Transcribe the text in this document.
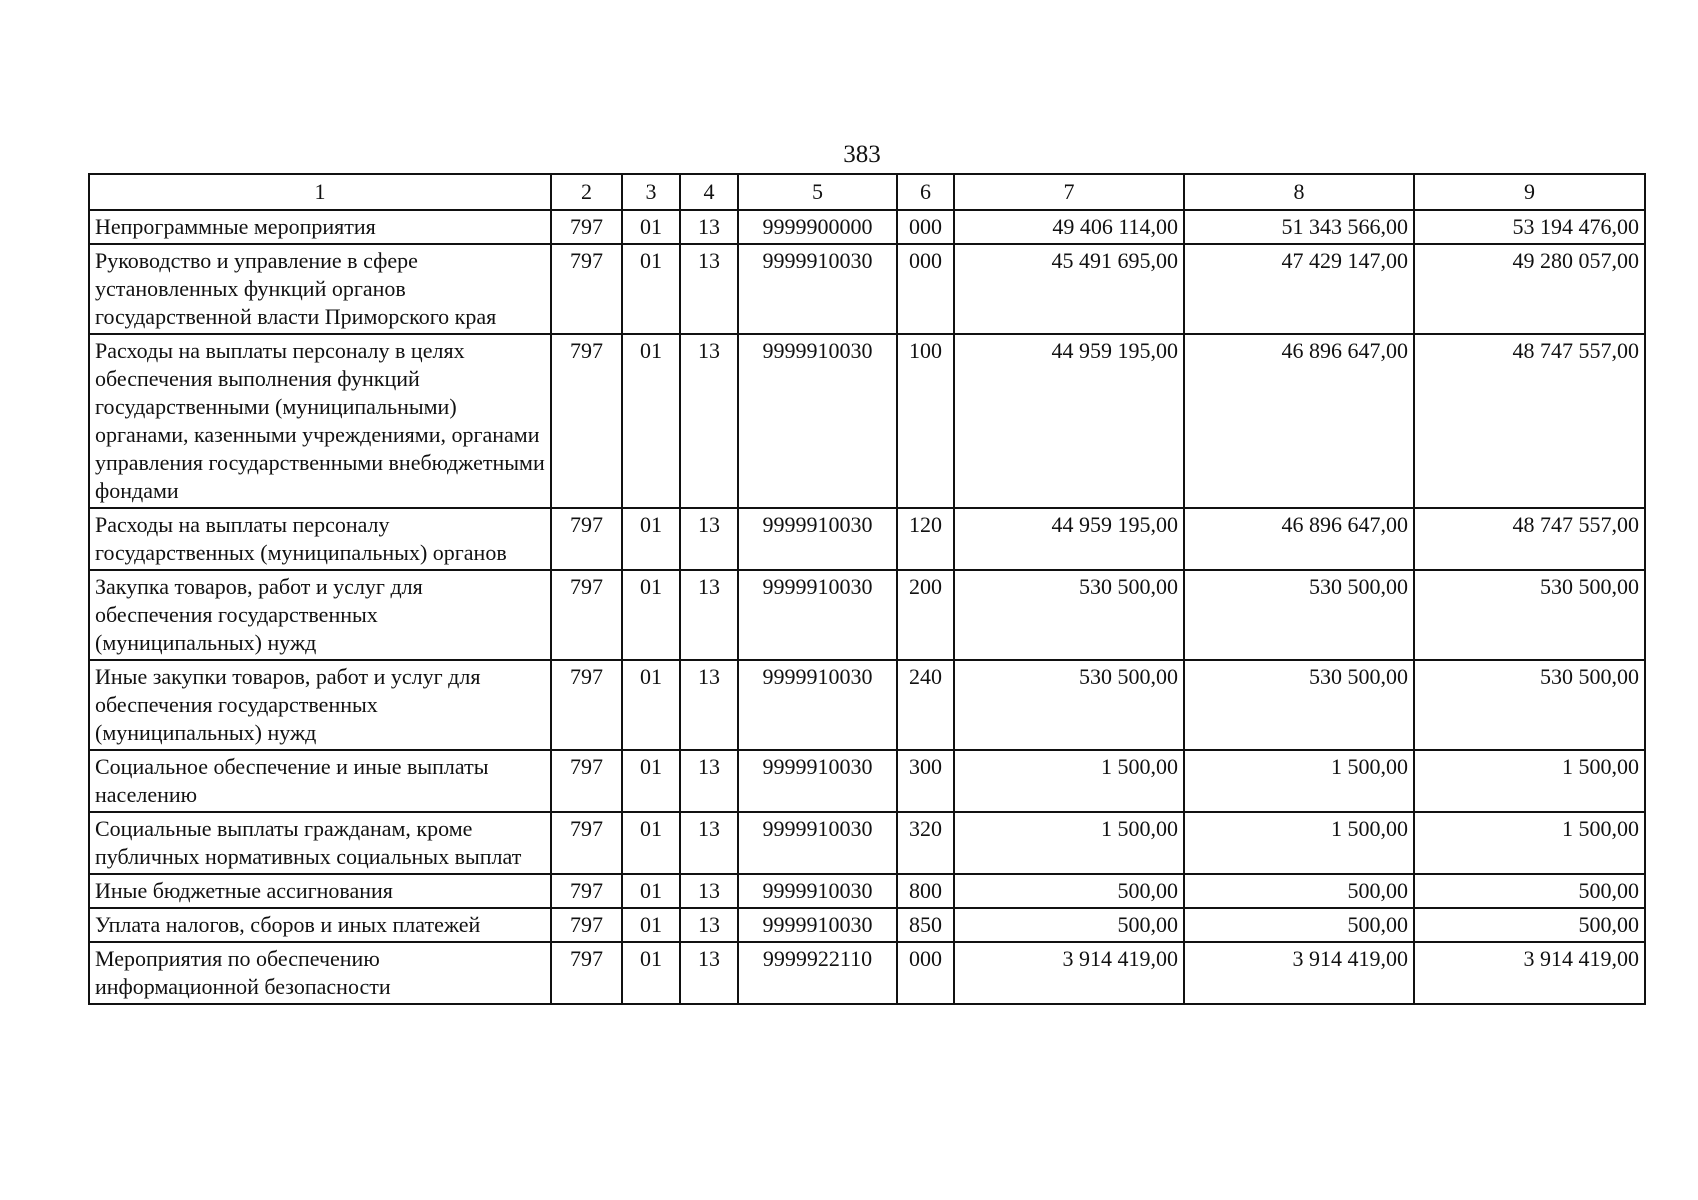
383
1	2	3	4	5	6	7	8	9
Непрограммные мероприятия	797	01	13	9999900000	000	49 406 114,00	51 343 566,00	53 194 476,00
Руководство и управление в сфере установленных функций органов государственной власти Приморского края	797	01	13	9999910030	000	45 491 695,00	47 429 147,00	49 280 057,00
Расходы на выплаты персоналу в целях обеспечения выполнения функций государственными (муниципальными) органами, казенными учреждениями, органами управления государственными внебюджетными фондами	797	01	13	9999910030	100	44 959 195,00	46 896 647,00	48 747 557,00
Расходы на выплаты персоналу государственных (муниципальных) органов	797	01	13	9999910030	120	44 959 195,00	46 896 647,00	48 747 557,00
Закупка товаров, работ и услуг для обеспечения государственных (муниципальных) нужд	797	01	13	9999910030	200	530 500,00	530 500,00	530 500,00
Иные закупки товаров, работ и услуг для обеспечения государственных (муниципальных) нужд	797	01	13	9999910030	240	530 500,00	530 500,00	530 500,00
Социальное обеспечение и иные выплаты населению	797	01	13	9999910030	300	1 500,00	1 500,00	1 500,00
Социальные выплаты гражданам, кроме публичных нормативных социальных выплат	797	01	13	9999910030	320	1 500,00	1 500,00	1 500,00
Иные бюджетные ассигнования	797	01	13	9999910030	800	500,00	500,00	500,00
Уплата налогов, сборов и иных платежей	797	01	13	9999910030	850	500,00	500,00	500,00
Мероприятия по обеспечению информационной безопасности	797	01	13	9999922110	000	3 914 419,00	3 914 419,00	3 914 419,00
